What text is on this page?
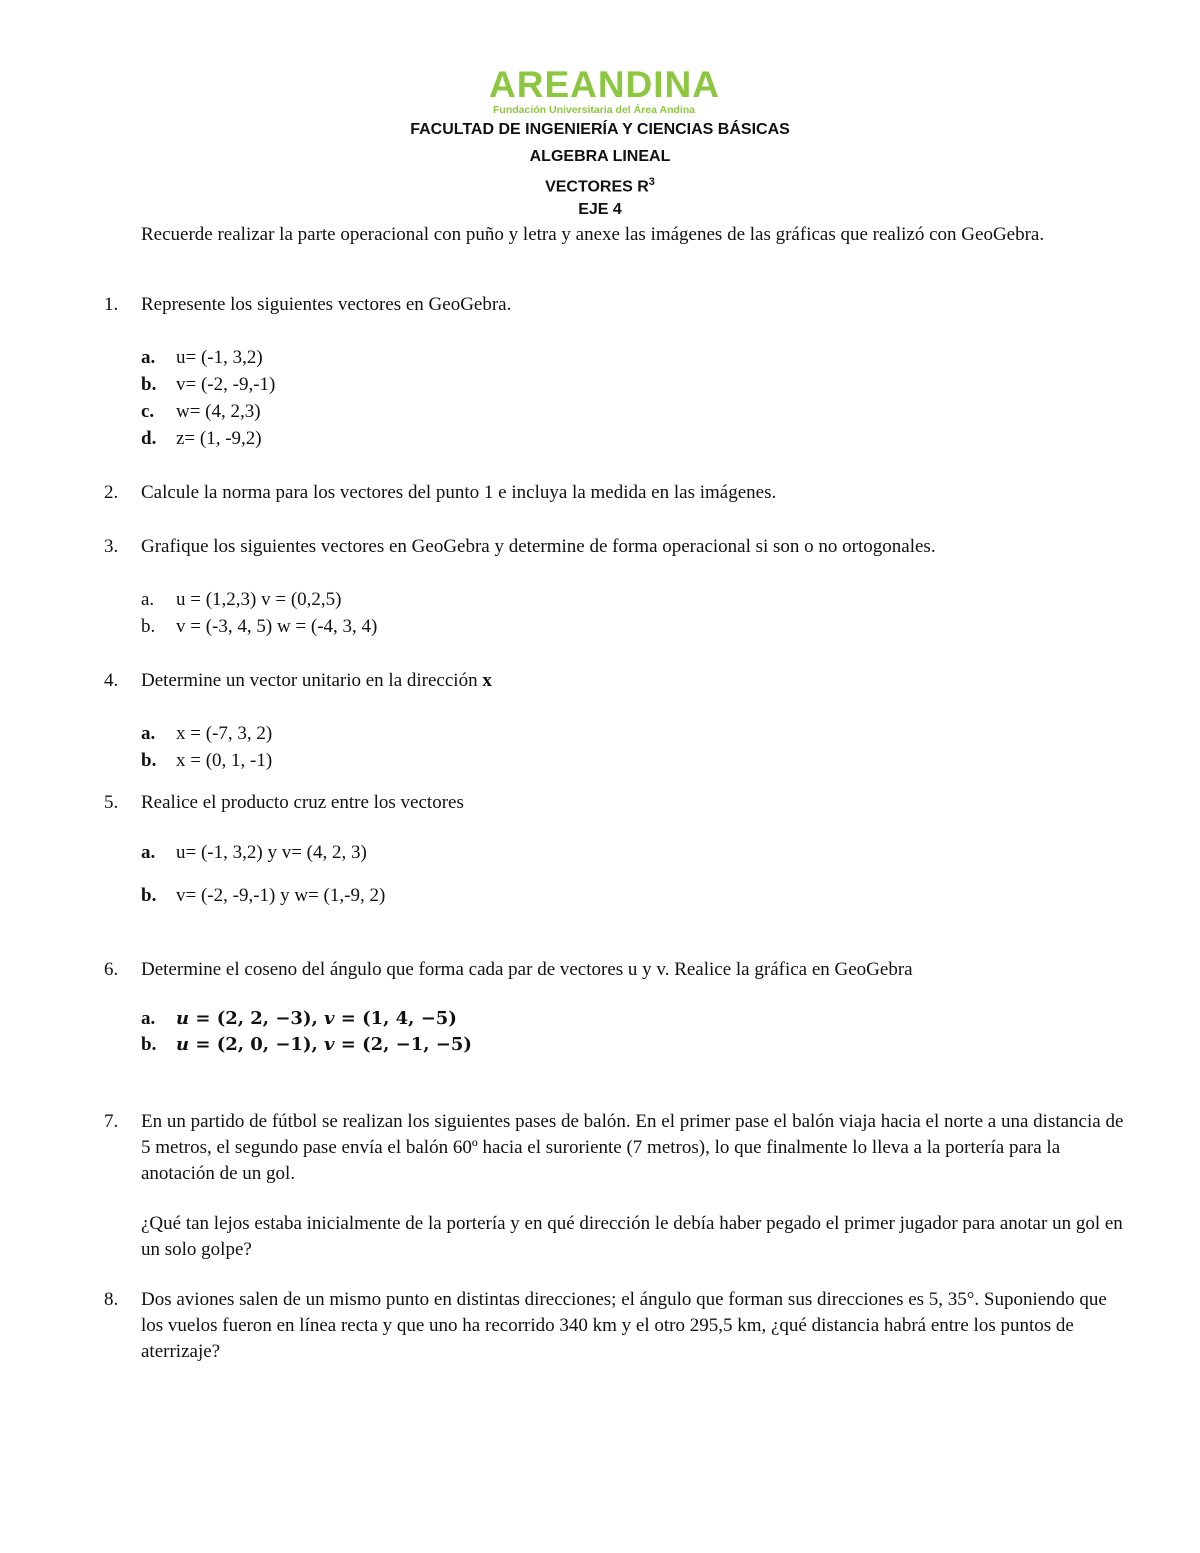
AREANDINA
Fundación Universitaria del Área Andina
FACULTAD DE INGENIERÍA Y CIENCIAS BÁSICAS
ALGEBRA LINEAL
VECTORES $R^3$
EJE 4
Recuerde realizar la parte operacional con puño y letra y anexe las imágenes de las gráficas que realizó con GeoGebra.
1. Represente los siguientes vectores en GeoGebra.
a. u= (-1, 3,2)
b. v= (-2, -9,-1)
c. w= (4, 2,3)
d. z= (1, -9,2)
2. Calcule la norma para los vectores del punto 1 e incluya la medida en las imágenes.
3. Grafique los siguientes vectores en GeoGebra y determine de forma operacional si son o no ortogonales.
a. u = (1,2,3) v = (0,2,5)
b. v = (-3, 4, 5) w = (-4, 3, 4)
4. Determine un vector unitario en la dirección x
a. x = (-7, 3, 2)
b. x = (0, 1, -1)
5. Realice el producto cruz entre los vectores
a. u= (-1, 3,2) y v= (4, 2, 3)
b. v= (-2, -9,-1) y w= (1,-9, 2)
6. Determine el coseno del ángulo que forma cada par de vectores u y v. Realice la gráfica en GeoGebra
a. u = (2, 2, −3), v = (1, 4, −5)
b. u = (2, 0, −1), v = (2, −1, −5)
7. En un partido de fútbol se realizan los siguientes pases de balón. En el primer pase el balón viaja hacia el norte a una distancia de 5 metros, el segundo pase envía el balón 60º hacia el suroriente (7 metros), lo que finalmente lo lleva a la portería para la anotación de un gol.
¿Qué tan lejos estaba inicialmente de la portería y en qué dirección le debía haber pegado el primer jugador para anotar un gol en un solo golpe?
8. Dos aviones salen de un mismo punto en distintas direcciones; el ángulo que forman sus direcciones es 5, 35°. Suponiendo que los vuelos fueron en línea recta y que uno ha recorrido 340 km y el otro 295,5 km, ¿qué distancia habrá entre los puntos de aterrizaje?
